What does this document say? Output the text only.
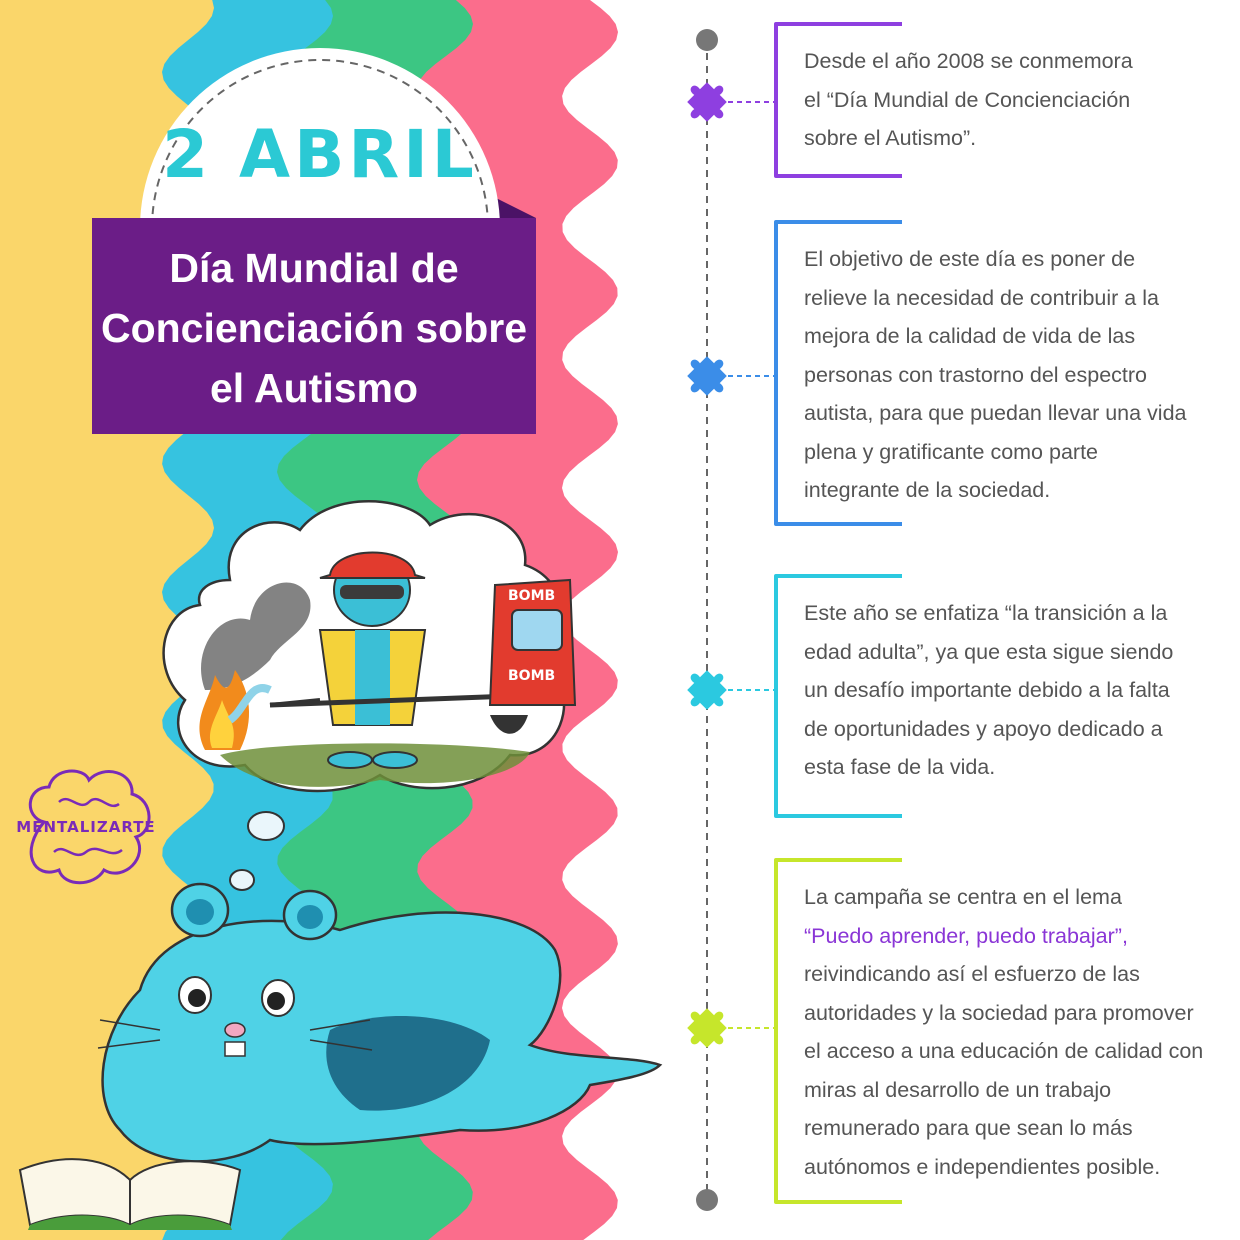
2 ABRIL
Día Mundial de
Concienciación sobre
el Autismo
BOMB
BOMB
MENTALIZARTE
Desde el año 2008 se conmemora
el “Día Mundial de Concienciación
sobre el Autismo”.
El objetivo de este día es poner de
relieve la necesidad de contribuir a la
mejora de la calidad de vida de las
personas con trastorno del espectro
autista, para que puedan llevar una vida
plena y gratificante como parte
integrante de la sociedad.
Este año se enfatiza “la transición a la
edad adulta”, ya que esta sigue siendo
un desafío importante debido a la falta
de oportunidades y apoyo dedicado a
esta fase de la vida.
La campaña se centra en el lema
“Puedo aprender, puedo trabajar”,
reivindicando así el esfuerzo de las
autoridades y la sociedad para promover
el acceso a una educación de calidad con
miras al desarrollo de un trabajo
remunerado para que sean lo más
autónomos e independientes posible.
